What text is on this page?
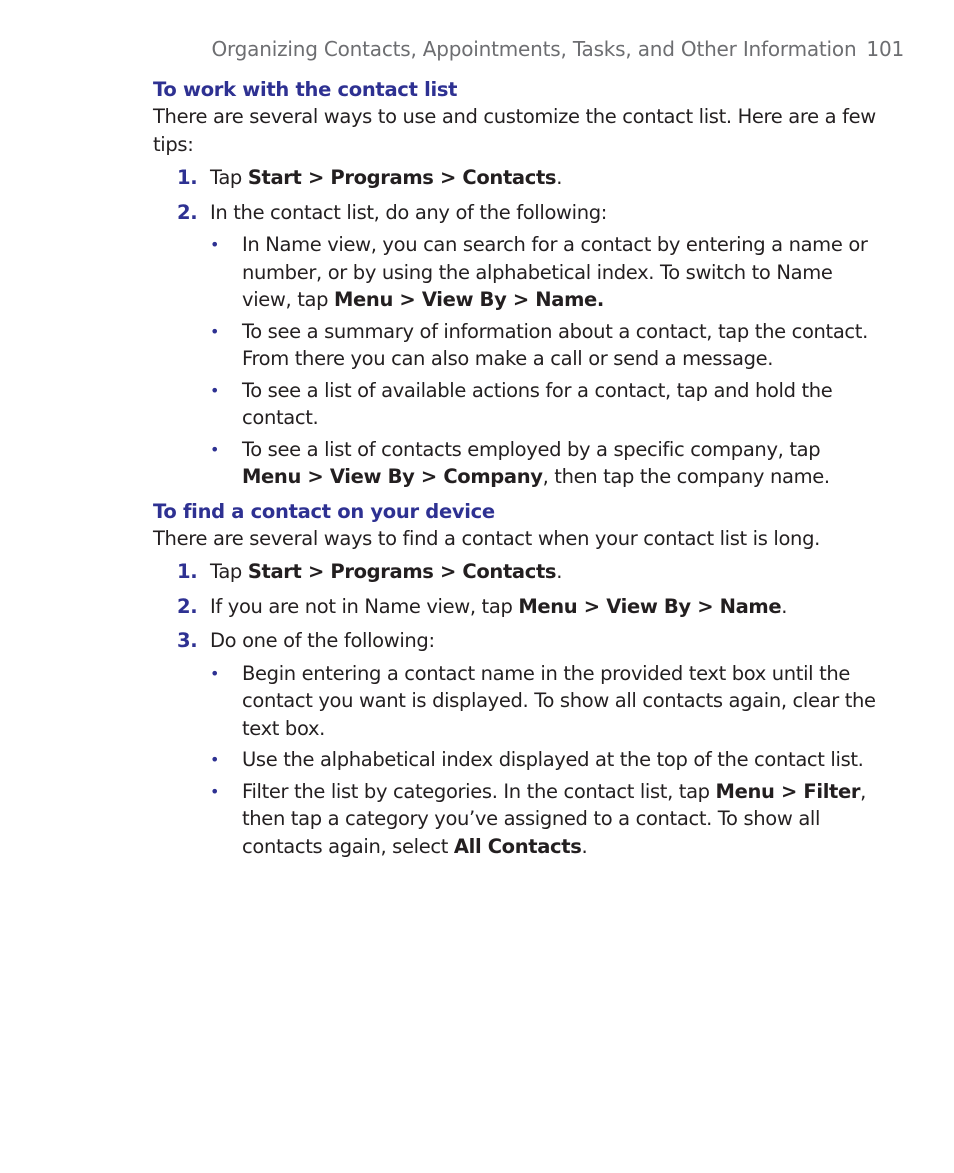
Organizing Contacts, Appointments, Tasks, and Other Information 101
To work with the contact list

There are several ways to use and customize the contact list. Here are a few tips:

1. Tap Start > Programs > Contacts.
2. In the contact list, do any of the following:
• In Name view, you can search for a contact by entering a name or number, or by using the alphabetical index. To switch to Name view, tap Menu > View By > Name.
• To see a summary of information about a contact, tap the contact. From there you can also make a call or send a message.
• To see a list of available actions for a contact, tap and hold the contact.
• To see a list of contacts employed by a specific company, tap Menu > View By > Company, then tap the company name.
To find a contact on your device

There are several ways to find a contact when your contact list is long.

1. Tap Start > Programs > Contacts.
2. If you are not in Name view, tap Menu > View By > Name.
3. Do one of the following:
• Begin entering a contact name in the provided text box until the contact you want is displayed. To show all contacts again, clear the text box.
• Use the alphabetical index displayed at the top of the contact list.
• Filter the list by categories. In the contact list, tap Menu > Filter, then tap a category you’ve assigned to a contact. To show all contacts again, select All Contacts.
